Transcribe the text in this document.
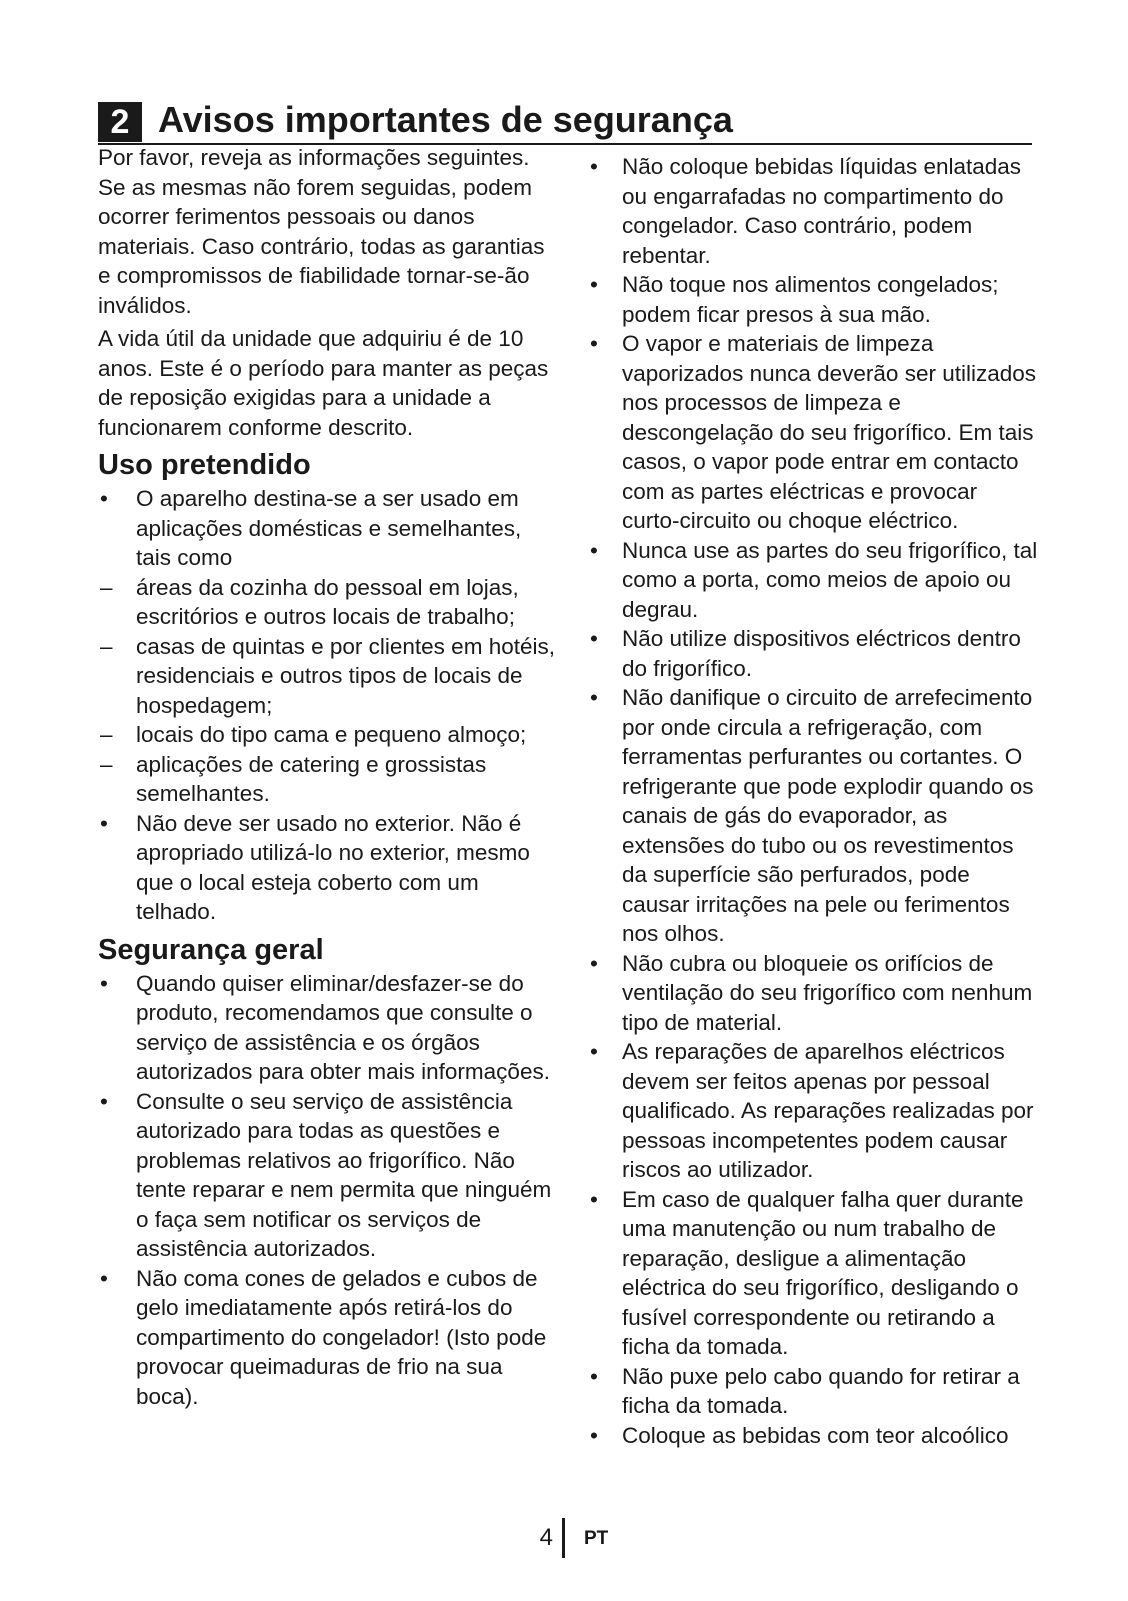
2 Avisos importantes de segurança

Por favor, reveja as informações seguintes. Se as mesmas não forem seguidas, podem ocorrer ferimentos pessoais ou danos materiais. Caso contrário, todas as garantias e compromissos de fiabilidade tornar-se-ão inválidos.

A vida útil da unidade que adquiriu é de 10 anos. Este é o período para manter as peças de reposição exigidas para a unidade a funcionarem conforme descrito.

Uso pretendido
•	O aparelho destina-se a ser usado em aplicações domésticas e semelhantes, tais como
–	áreas da cozinha do pessoal em lojas, escritórios e outros locais de trabalho;
–	casas de quintas e por clientes em hotéis, residenciais e outros tipos de locais de hospedagem;
–	locais do tipo cama e pequeno almoço;
–	aplicações de catering e grossistas semelhantes.
•	Não deve ser usado no exterior. Não é apropriado utilizá-lo no exterior, mesmo que o local esteja coberto com um telhado.
Segurança geral
•	Quando quiser eliminar/desfazer-se do produto, recomendamos que consulte o serviço de assistência e os órgãos autorizados para obter mais informações.
•	Consulte o seu serviço de assistência autorizado para todas as questões e problemas relativos ao frigorífico. Não tente reparar e nem permita que ninguém o faça sem notificar os serviços de assistência autorizados.
•	Não coma cones de gelados e cubos de gelo imediatamente após retirá-los do compartimento do congelador! (Isto pode provocar queimaduras de frio na sua boca).
•	Não coloque bebidas líquidas enlatadas ou engarrafadas no compartimento do congelador. Caso contrário, podem rebentar.
•	Não toque nos alimentos congelados; podem ficar presos à sua mão.
•	O vapor e materiais de limpeza vaporizados nunca deverão ser utilizados nos processos de limpeza e descongelação do seu frigorífico. Em tais casos, o vapor pode entrar em contacto com as partes eléctricas e provocar curto-circuito ou choque eléctrico.
•	Nunca use as partes do seu frigorífico, tal como a porta, como meios de apoio ou degrau.
•	Não utilize dispositivos eléctricos dentro do frigorífico.
•	Não danifique o circuito de arrefecimento por onde circula a refrigeração, com ferramentas perfurantes ou cortantes. O refrigerante que pode explodir quando os canais de gás do evaporador, as extensões do tubo ou os revestimentos da superfície são perfurados, pode causar irritações na pele ou ferimentos nos olhos.
•	Não cubra ou bloqueie os orifícios de ventilação do seu frigorífico com nenhum tipo de material.
•	As reparações de aparelhos eléctricos devem ser feitos apenas por pessoal qualificado. As reparações realizadas por pessoas incompetentes podem causar riscos ao utilizador.
•	Em caso de qualquer falha quer durante uma manutenção ou num trabalho de reparação, desligue a alimentação eléctrica do seu frigorífico, desligando o fusível correspondente ou retirando a ficha da tomada.
•	Não puxe pelo cabo quando for retirar a ficha da tomada.
•	Coloque as bebidas com teor alcoólico
4 PT
